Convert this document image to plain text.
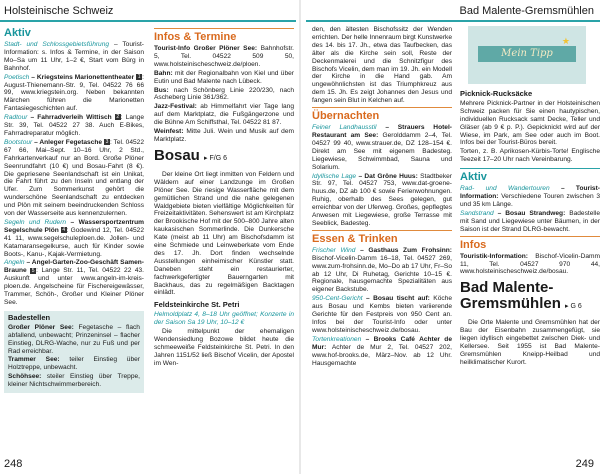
Holsteinische Schweiz
Aktiv

Stadt- und Schlossgebietsführung – Tourist-Information: s. Infos & Termine, in der Saison Mo–Sa um 11 Uhr, 1–2 €, Start vom Bürg in Bahnhof.

Poetisch – Kriegsteins Marionettentheater 1 : August-Thienemann-Str. 9, Tel. 04522 76 66 99, www.kriegstein.org. Neben bekannten Märchen führen die Marionetten Fantasiegeschichten auf.

Radtour – Fahrradverleih Wittisch 2 : Lange Str. 39, Tel. 04522 27 38. Auch E-Bikes, Fahrradreparatur möglich.

Bootstour – Anleger Fegetasche 3 : Tel. 04522 67 66, Mai–Sept. 10–16 Uhr, 2 Std., Fahrkartenverkauf nur an Bord. Große Plöner Seenrundfahrt (10 €) und Bosau-Fahrt (8 €). Die gepriesene Seenlandschaft ist ein Unikat, die Fahrt führt zu den Inseln und entlang der Ufer. Zum Sommerkunst gehört die wunderschöne Seenlandschaft zu entdecken und Plön mit seinem beeindruckenden Schloss von der Wasserseite aus kennenzulernen.

Segeln und Rudern – Wassersportzentrum Segelschule Plön 4 : Godewind 12, Tel. 04522 41 11, www.segelschuleploen.de. Jollen- und Katamaransegelkurse, auch für Kinder sowie Boots-, Kanu-, Kajak-Vermietung.

Angeln – Angel-Garten-Zoo-Geschäft Samen-Braune 5 : Lange Str. 11, Tel. 04522 22 43. Auskunft und unter www.angeln-im-kreis-ploen.de. Angelscheine für Fischereigewässer, Trammer, Schöh-, Großer und Kleiner Plöner See.

Badestellen

Großer Plöner See: Fegetasche – flach abfallend, unbewacht; Prinzeninsel – flacher Einstieg, DLRG-Wache, nur zu Fuß und per Rad erreichbar.

Trammer See: teiler Einstieg über Holztreppe, unbewacht.

Schöhsee: steiler Einstieg über Treppe, kleiner Nichtschwimmerbereich.

Infos & Termine

Tourist-Info Großer Plöner See: Bahnhofstr. 5, Tel. 04522 509 50, www.holsteinischeschweiz.de/ploen.

Bahn: mit der Regionalbahn von Kiel und über Eutin und Bad Malente nach Lübeck.

Bus: nach Schönberg Linie 220/230, nach Ascheberg Linie 361/362.

Jazz-Festival: ab Himmelfahrt vier Tage lang auf dem Marktplatz, die Fußgängerzone und die Bühne Am Schiffsthal, Tel. 04522 81 87.

Weinfest: Mitte Juli. Wein und Musik auf dem Marktplatz.

Bosau ▸ F/G 6

Der kleine Ort liegt inmitten von Feldern und Wäldern auf einer Landzunge im Großen Plöner See. Die riesige Wasserfläche mit dem gemütlichen Strand und die nahe gelegenen Waldgebiete bieten vielfältige Möglichkeiten für Freizeitaktivitäten. Sehenswert ist am Kirchplatz der Brookische Hof mit der 500–800 Jahre alten kaukasischen Sommerlinde. Die Dunkersche Kate (meist ab 11 Uhr) am Bischofsdamm ist eine Schmiede und Leinweberkate vom Ende des 17. Jh. Dort finden wechselnde Ausstellungen einheimischer Künstler statt. Daneben steht ein restaurierter, fachwerkgefertigter Bauerngarten mit Backhaus, das zu regelmäßigen Backtagen einlädt.

Feldsteinkirche St. Petri

Helmoldplatz 4, 8–18 Uhr geöffnet; Konzerte in der Saison Sa 19 Uhr, 10–12 €

Die mittelpunkt der ehemaligen Wendensiedlung Bozowe bildet heute die schmeeweiße Feldsteinkirche St. Petri. In den Jahren 1151/52 ließ Bischof Vicelin, der Apostel im Wen-

248
Bad Malente-Gremsmühlen

den, den ältesten Bischofssitz der Wenden errichten. Der helle Innenraum birgt Kunstwerke des 14. bis 17. Jh., etwa das Taufbecken, das älter als die Kirche sein soll, Reste der Deckenmalerei und die Schnitzfigur des Bischofs Vicelin, dem man im 19. Jh. ein Modell der Kirche in die Hand gab. Am ungewöhnlichsten ist das Triumphkreuz aus dem 15. Jh. Es zeigt Johannes den Jesus und fangen sein Blut in Kelchen auf.

Übernachten

Feiner Landhausstil – Strauers Hotel-Restaurant am See: Gerolddamm 2–4, Tel. 04527 99 40, www.strauer.de, DZ 128–154 €. Direkt am See mit eigenem Badesteg. Liegewiese, Schwimmbad, Sauna und Solarium.

Idyllische Lage – Dat Gröne Huus: Stadtbeker Str. 97, Tel. 04527 753, www.dat-groene-huus.de, DZ ab 100 € sowie Ferienwohnungen. Ruhig, oberhalb des Sees gelegen, gut erreichbar von der Uferweg. Großes, gepflegtes Anwesen mit Liegewiese, große Terrasse mit Seeblick, Badesteg.

Essen & Trinken

Frischer Wind – Gasthaus Zum Frohsinn: Bischof-Vicelin-Damm 16–18, Tel. 04527 269, www.zum-frohsinn.de, Mo–Do ab 17 Uhr, Fr–So ab 12 Uhr, Di Ruhetag, Gerichte 10–15 €. Regionale, hausgemachte Spezialitäten aus eigener Backstube.

950-Cent-Gericht – Bosau tischt auf: Köche aus Bosau und Kembs bieten variierende Gerichte für den Festpreis von 950 Cent an. Infos bei der Tourist-Info oder unter www.holsteinischeschweiz.de/bosau.

Tortenkreationen – Brooks Café Achter de Mur: Achter de Mur 2, Tel. 04527 202, www.hof-brooks.de, März–Nov. ab 12 Uhr. Hausgemachte

★
Mein Tipp
Picknick-Rucksäcke

Mehrere Picknick-Partner in der Holsteinischen Schweiz packen für Sie einen hautypischen, individuellen Rucksack samt Decke, Teller und Gläser (ab 9 € p. P.). Gepicknickt wird auf der Wiese, im Park, am See oder auch im Boot. Infos bei der Tourist-Büros bereit.

Torten, z. B. Aprikosen-Kürbis-Torte! Englische Teezeit 17–20 Uhr nach Vereinbarung.

Aktiv

Rad- und Wandertouren – Tourist-Information: Verschiedene Touren zwischen 3 und 35 km Länge.

Sandstrand – Bosau Strandweg: Badestelle mit Sand und Liegewiese unter Bäumen, in der Saison ist der Strand DLRG-bewacht.

Infos

Touristik-Information: Bischof-Vicelin-Damm 11, Tel. 04527 970 44, www.holsteinischeschweiz.de/bosau.

Bad Malente-Gremsmühlen ▸ G 6

Die Orte Malente und Gremsmühlen hat der Bau der Eisenbahn zusammengefügt, sie liegen idyllisch eingebettet zwischen Diek- und Kellersee. Seit 1955 ist Bad Malente-Gremsmühlen Kneipp-Heilbad und heilklimatischer Kurort.

249
